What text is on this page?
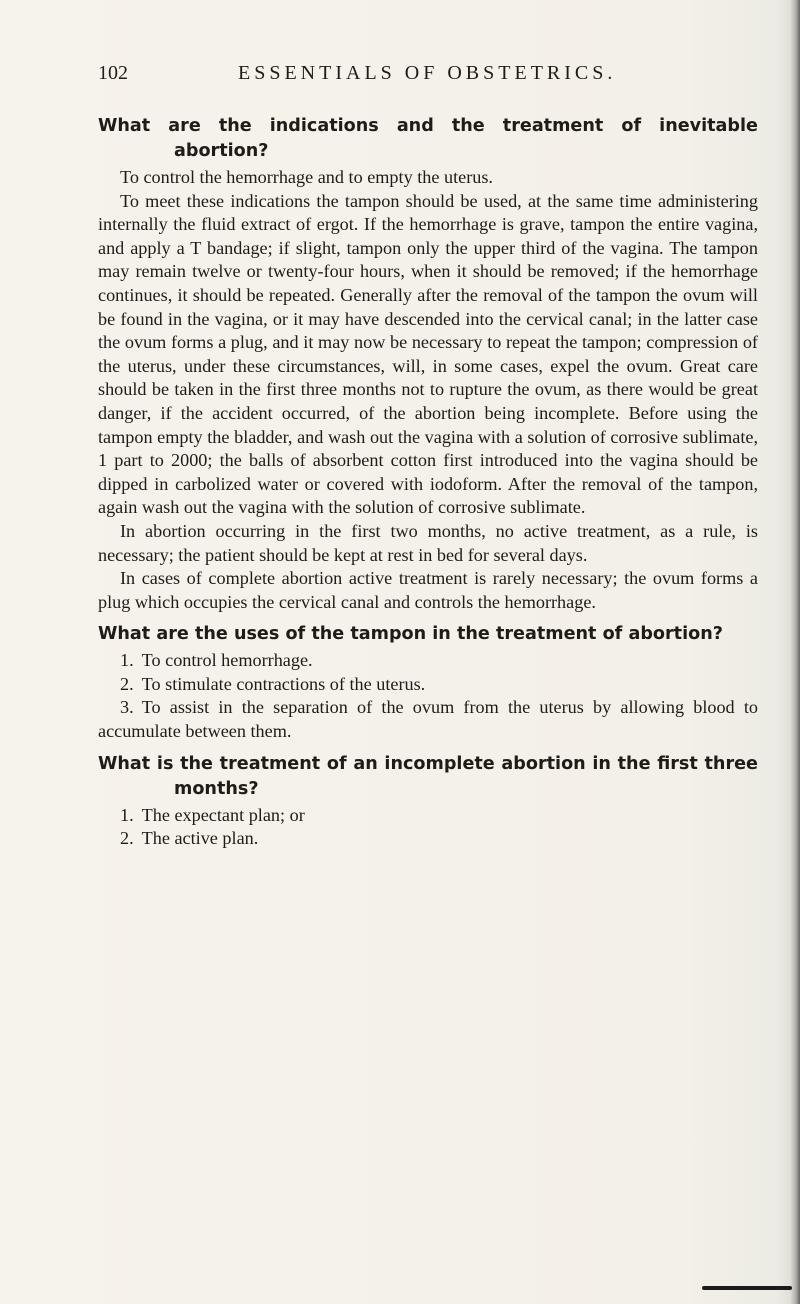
102	ESSENTIALS OF OBSTETRICS.
What are the indications and the treatment of inevitable abortion?

To control the hemorrhage and to empty the uterus.

To meet these indications the tampon should be used, at the same time administering internally the fluid extract of ergot. If the hemorrhage is grave, tampon the entire vagina, and apply a T bandage; if slight, tampon only the upper third of the vagina. The tampon may remain twelve or twenty-four hours, when it should be removed; if the hemorrhage continues, it should be repeated. Generally after the removal of the tampon the ovum will be found in the vagina, or it may have descended into the cervical canal; in the latter case the ovum forms a plug, and it may now be necessary to repeat the tampon; compression of the uterus, under these circumstances, will, in some cases, expel the ovum. Great care should be taken in the first three months not to rupture the ovum, as there would be great danger, if the accident occurred, of the abortion being incomplete. Before using the tampon empty the bladder, and wash out the vagina with a solution of corrosive sublimate, 1 part to 2000; the balls of absorbent cotton first introduced into the vagina should be dipped in carbolized water or covered with iodoform. After the removal of the tampon, again wash out the vagina with the solution of corrosive sublimate.

In abortion occurring in the first two months, no active treatment, as a rule, is necessary; the patient should be kept at rest in bed for several days.

In cases of complete abortion active treatment is rarely necessary; the ovum forms a plug which occupies the cervical canal and controls the hemorrhage.

What are the uses of the tampon in the treatment of abortion?
1. To control hemorrhage.
2. To stimulate contractions of the uterus.
3. To assist in the separation of the ovum from the uterus by allowing blood to accumulate between them.
What is the treatment of an incomplete abortion in the first three months?
1. The expectant plan; or
2. The active plan.
